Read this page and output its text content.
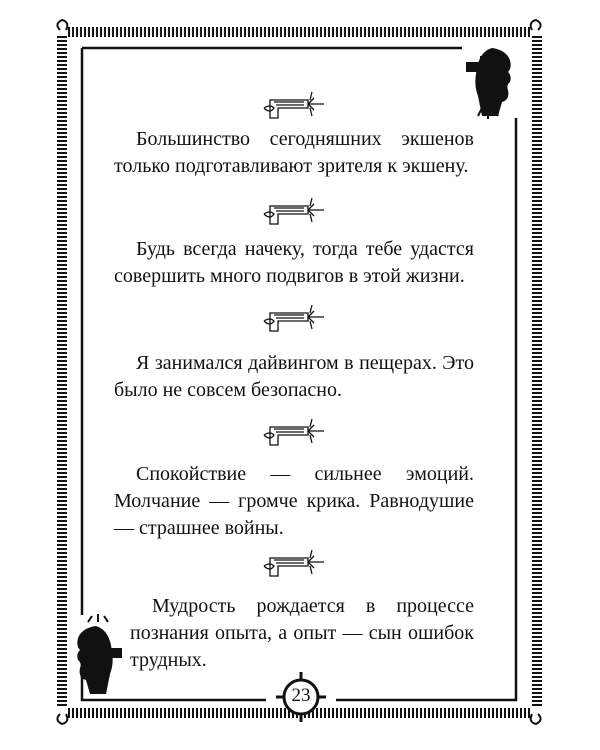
Большинство сегодняшних экшенов только подготавливают зрителя к экшену.
Будь всегда начеку, тогда тебе удастся совершить много подвигов в этой жизни.
Я занимался дайвингом в пещерах. Это было не совсем безопасно.
Спокойствие — сильнее эмоций. Молчание — громче крика. Равнодушие — страшнее войны.
Мудрость рождается в процессе познания опыта, а опыт — сын ошибок трудных.
23
